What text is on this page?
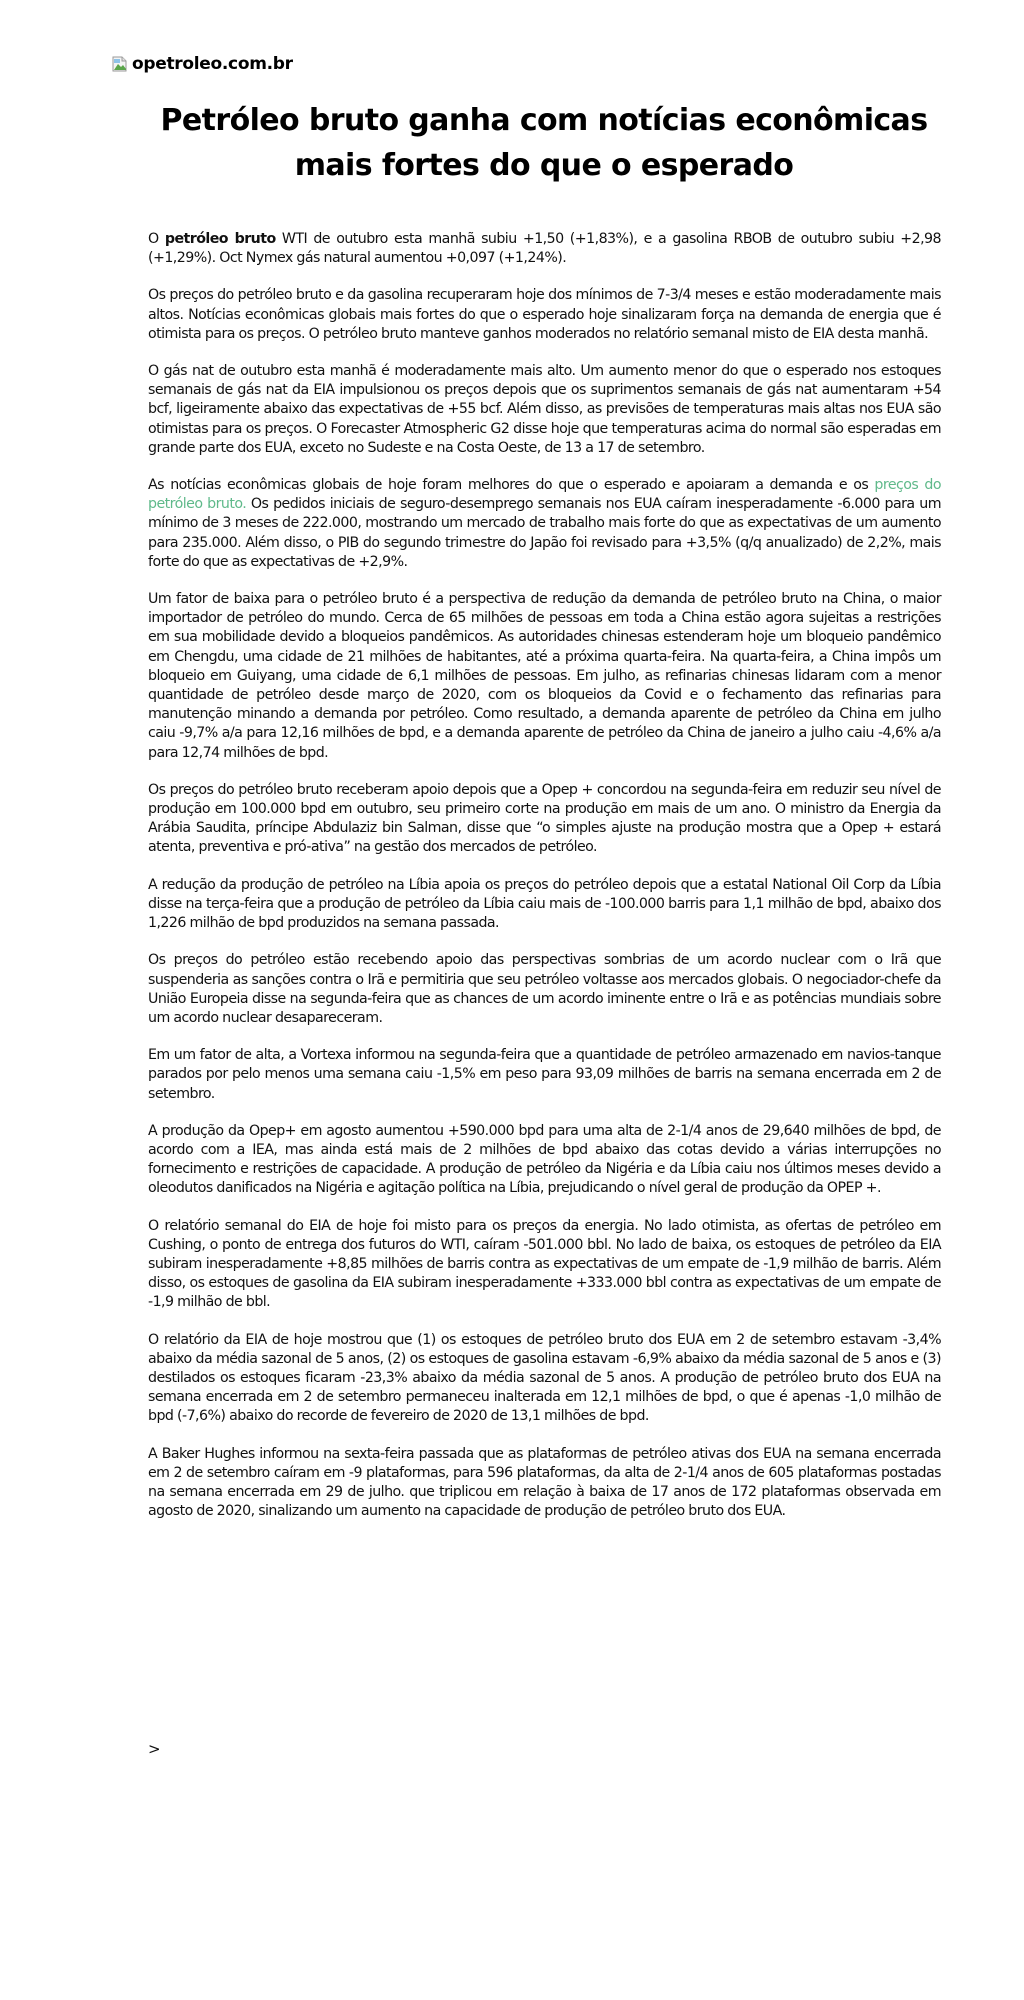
opetroleo.com.br
Petróleo bruto ganha com notícias econômicas mais fortes do que o esperado

O petróleo bruto WTI de outubro esta manhã subiu +1,50 (+1,83%), e a gasolina RBOB de outubro subiu +2,98 (+1,29%). Oct Nymex gás natural aumentou +0,097 (+1,24%).

Os preços do petróleo bruto e da gasolina recuperaram hoje dos mínimos de 7-3/4 meses e estão moderadamente mais altos. Notícias econômicas globais mais fortes do que o esperado hoje sinalizaram força na demanda de energia que é otimista para os preços. O petróleo bruto manteve ganhos moderados no relatório semanal misto de EIA desta manhã.

O gás nat de outubro esta manhã é moderadamente mais alto. Um aumento menor do que o esperado nos estoques semanais de gás nat da EIA impulsionou os preços depois que os suprimentos semanais de gás nat aumentaram +54 bcf, ligeiramente abaixo das expectativas de +55 bcf. Além disso, as previsões de temperaturas mais altas nos EUA são otimistas para os preços. O Forecaster Atmospheric G2 disse hoje que temperaturas acima do normal são esperadas em grande parte dos EUA, exceto no Sudeste e na Costa Oeste, de 13 a 17 de setembro.

As notícias econômicas globais de hoje foram melhores do que o esperado e apoiaram a demanda e os preços do petróleo bruto. Os pedidos iniciais de seguro-desemprego semanais nos EUA caíram inesperadamente -6.000 para um mínimo de 3 meses de 222.000, mostrando um mercado de trabalho mais forte do que as expectativas de um aumento para 235.000. Além disso, o PIB do segundo trimestre do Japão foi revisado para +3,5% (q/q anualizado) de 2,2%, mais forte do que as expectativas de +2,9%.

Um fator de baixa para o petróleo bruto é a perspectiva de redução da demanda de petróleo bruto na China, o maior importador de petróleo do mundo. Cerca de 65 milhões de pessoas em toda a China estão agora sujeitas a restrições em sua mobilidade devido a bloqueios pandêmicos. As autoridades chinesas estenderam hoje um bloqueio pandêmico em Chengdu, uma cidade de 21 milhões de habitantes, até a próxima quarta-feira. Na quarta-feira, a China impôs um bloqueio em Guiyang, uma cidade de 6,1 milhões de pessoas. Em julho, as refinarias chinesas lidaram com a menor quantidade de petróleo desde março de 2020, com os bloqueios da Covid e o fechamento das refinarias para manutenção minando a demanda por petróleo. Como resultado, a demanda aparente de petróleo da China em julho caiu -9,7% a/a para 12,16 milhões de bpd, e a demanda aparente de petróleo da China de janeiro a julho caiu -4,6% a/a para 12,74 milhões de bpd.

Os preços do petróleo bruto receberam apoio depois que a Opep + concordou na segunda-feira em reduzir seu nível de produção em 100.000 bpd em outubro, seu primeiro corte na produção em mais de um ano. O ministro da Energia da Arábia Saudita, príncipe Abdulaziz bin Salman, disse que “o simples ajuste na produção mostra que a Opep + estará atenta, preventiva e pró-ativa” na gestão dos mercados de petróleo.

A redução da produção de petróleo na Líbia apoia os preços do petróleo depois que a estatal National Oil Corp da Líbia disse na terça-feira que a produção de petróleo da Líbia caiu mais de -100.000 barris para 1,1 milhão de bpd, abaixo dos 1,226 milhão de bpd produzidos na semana passada.

Os preços do petróleo estão recebendo apoio das perspectivas sombrias de um acordo nuclear com o Irã que suspenderia as sanções contra o Irã e permitiria que seu petróleo voltasse aos mercados globais. O negociador-chefe da União Europeia disse na segunda-feira que as chances de um acordo iminente entre o Irã e as potências mundiais sobre um acordo nuclear desapareceram.

Em um fator de alta, a Vortexa informou na segunda-feira que a quantidade de petróleo armazenado em navios-tanque parados por pelo menos uma semana caiu -1,5% em peso para 93,09 milhões de barris na semana encerrada em 2 de setembro.

A produção da Opep+ em agosto aumentou +590.000 bpd para uma alta de 2-1/4 anos de 29,640 milhões de bpd, de acordo com a IEA, mas ainda está mais de 2 milhões de bpd abaixo das cotas devido a várias interrupções no fornecimento e restrições de capacidade. A produção de petróleo da Nigéria e da Líbia caiu nos últimos meses devido a oleodutos danificados na Nigéria e agitação política na Líbia, prejudicando o nível geral de produção da OPEP +.

O relatório semanal do EIA de hoje foi misto para os preços da energia. No lado otimista, as ofertas de petróleo em Cushing, o ponto de entrega dos futuros do WTI, caíram -501.000 bbl. No lado de baixa, os estoques de petróleo da EIA subiram inesperadamente +8,85 milhões de barris contra as expectativas de um empate de -1,9 milhão de barris. Além disso, os estoques de gasolina da EIA subiram inesperadamente +333.000 bbl contra as expectativas de um empate de -1,9 milhão de bbl.

O relatório da EIA de hoje mostrou que (1) os estoques de petróleo bruto dos EUA em 2 de setembro estavam -3,4% abaixo da média sazonal de 5 anos, (2) os estoques de gasolina estavam -6,9% abaixo da média sazonal de 5 anos e (3) destilados os estoques ficaram -23,3% abaixo da média sazonal de 5 anos. A produção de petróleo bruto dos EUA na semana encerrada em 2 de setembro permaneceu inalterada em 12,1 milhões de bpd, o que é apenas -1,0 milhão de bpd (-7,6%) abaixo do recorde de fevereiro de 2020 de 13,1 milhões de bpd.

A Baker Hughes informou na sexta-feira passada que as plataformas de petróleo ativas dos EUA na semana encerrada em 2 de setembro caíram em -9 plataformas, para 596 plataformas, da alta de 2-1/4 anos de 605 plataformas postadas na semana encerrada em 29 de julho. que triplicou em relação à baixa de 17 anos de 172 plataformas observada em agosto de 2020, sinalizando um aumento na capacidade de produção de petróleo bruto dos EUA.

>
